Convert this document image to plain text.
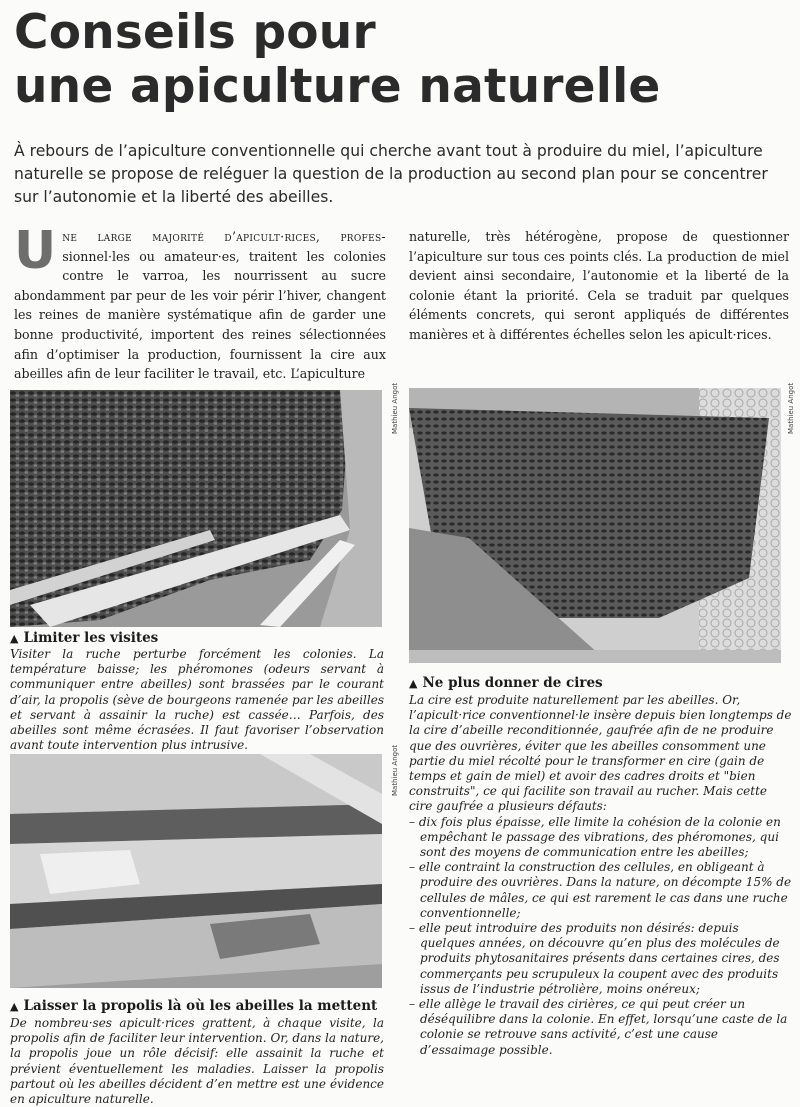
Conseils pour
une apiculture naturelle

À rebours de l’apiculture conventionnelle qui cherche avant tout à produire du miel, l’apiculture naturelle se propose de reléguer la question de la production au second plan pour se concentrer sur l’autonomie et la liberté des abeilles.

U ne large majorité d’apicult·rices, profes- sionnel·les ou amateur·es, traitent les colonies contre le varroa, les nourrissent au sucre abondamment par peur de les voir périr l’hiver, changent les reines de manière systématique afin de garder une bonne productivité, importent des reines sélectionnées afin d’optimiser la production, fournissent la cire aux abeilles afin de leur faciliter le travail, etc. L’apiculture

naturelle, très hétérogène, propose de questionner l’apiculture sur tous ces points clés. La production de miel devient ainsi secondaire, l’autonomie et la liberté de la colonie étant la priorité. Cela se traduit par quelques éléments concrets, qui seront appliqués de différentes manières et à différentes échelles selon les apicult·rices.

Mathieu Angot	Mathieu Angot
▲ Limiter les visites

Visiter la ruche perturbe forcément les colonies. La température baisse; les phéromones (odeurs servant à communiquer entre abeilles) sont brassées par le courant d’air, la propolis (sève de bourgeons ramenée par les abeilles et servant à assainir la ruche) est cassée… Parfois, des abeilles sont même écrasées. Il faut favoriser l’observation avant toute intervention plus intrusive.	Mathieu Angot
▲ Laisser la propolis là où les abeilles la mettent

De nombreu·ses apicult·rices grattent, à chaque visite, la propolis afin de faciliter leur intervention. Or, dans la nature, la propolis joue un rôle décisif: elle assainit la ruche et prévient éventuellement les maladies. Laisser la propolis partout où les abeilles décident d’en mettre est une évidence en apiculture naturelle.

▲ Ne plus donner de cires

La cire est produite naturellement par les abeilles. Or, l’apicult·rice conventionnel·le insère depuis bien longtemps de la cire d’abeille reconditionnée, gaufrée afin de ne produire que des ouvrières, éviter que les abeilles consomment une partie du miel récolté pour le transformer en cire (gain de temps et gain de miel) et avoir des cadres droits et "bien construits", ce qui facilite son travail au rucher. Mais cette cire gaufrée a plusieurs défauts:

– dix fois plus épaisse, elle limite la cohésion de la colonie en empêchant le passage des vibrations, des phéromones, qui sont des moyens de communication entre les abeilles;
– elle contraint la construction des cellules, en obligeant à produire des ouvrières. Dans la nature, on décompte 15% de cellules de mâles, ce qui est rarement le cas dans une ruche conventionnelle;
– elle peut introduire des produits non désirés: depuis quelques années, on découvre qu’en plus des molécules de produits phytosanitaires présents dans certaines cires, des commerçants peu scrupuleux la coupent avec des produits issus de l’industrie pétrolière, moins onéreux;
– elle allège le travail des cirières, ce qui peut créer un déséquilibre dans la colonie. En effet, lorsqu’une caste de la colonie se retrouve sans activité, c’est une cause d’essaimage possible.
